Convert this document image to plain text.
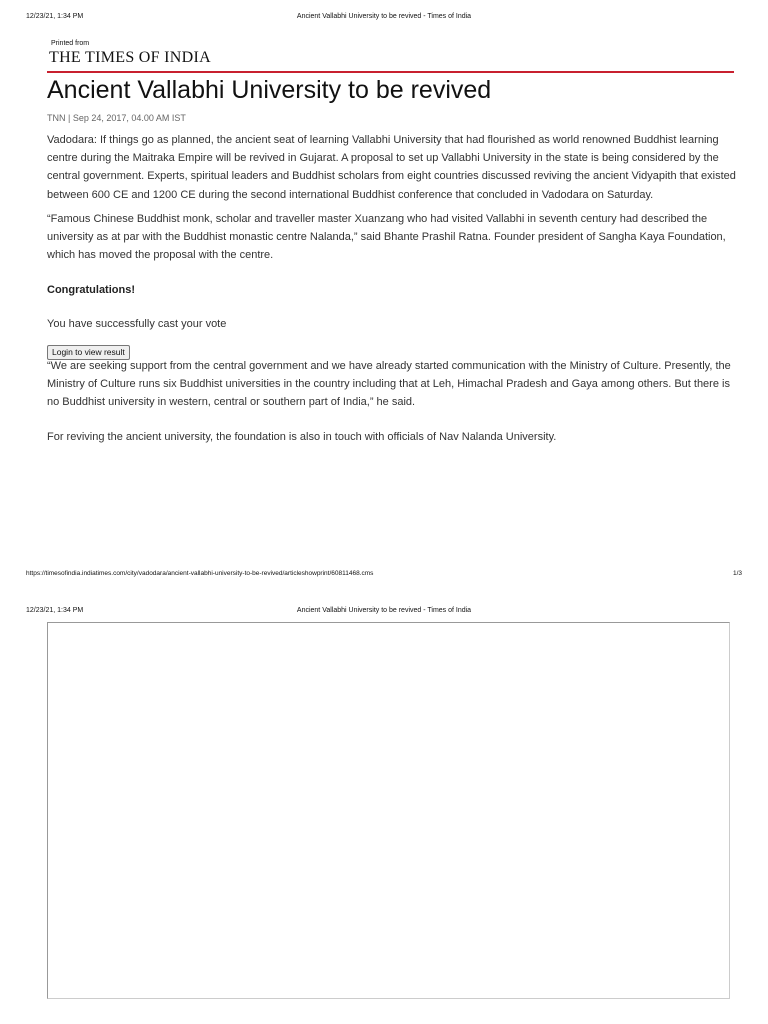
12/23/21, 1:34 PM	Ancient Vallabhi University to be revived - Times of India
Printed from
THE TIMES OF INDIA
Ancient Vallabhi University to be revived
TNN | Sep 24, 2017, 04.00 AM IST

Vadodara: If things go as planned, the ancient seat of learning Vallabhi University that had flourished as world renowned Buddhist learning centre during the Maitraka Empire will be revived in Gujarat. A proposal to set up Vallabhi University in the state is being considered by the central government. Experts, spiritual leaders and Buddhist scholars from eight countries discussed reviving the ancient Vidyapith that existed between 600 CE and 1200 CE during the second international Buddhist conference that concluded in Vadodara on Saturday.

“Famous Chinese Buddhist monk, scholar and traveller master Xuanzang who had visited Vallabhi in seventh century had described the university as at par with the Buddhist monastic centre Nalanda,” said Bhante Prashil Ratna. Founder president of Sangha Kaya Foundation, which has moved the proposal with the centre.

Congratulations!

You have successfully cast your vote

Login to view result

“We are seeking support from the central government and we have already started communication with the Ministry of Culture. Presently, the Ministry of Culture runs six Buddhist universities in the country including that at Leh, Himachal Pradesh and Gaya among others. But there is no Buddhist university in western, central or southern part of India,” he said.

For reviving the ancient university, the foundation is also in touch with officials of Nav Nalanda University.

https://timesofindia.indiatimes.com/city/vadodara/ancient-vallabhi-university-to-be-revived/articleshowprint/60811468.cms	1/3
12/23/21, 1:34 PM	Ancient Vallabhi University to be revived - Times of India
